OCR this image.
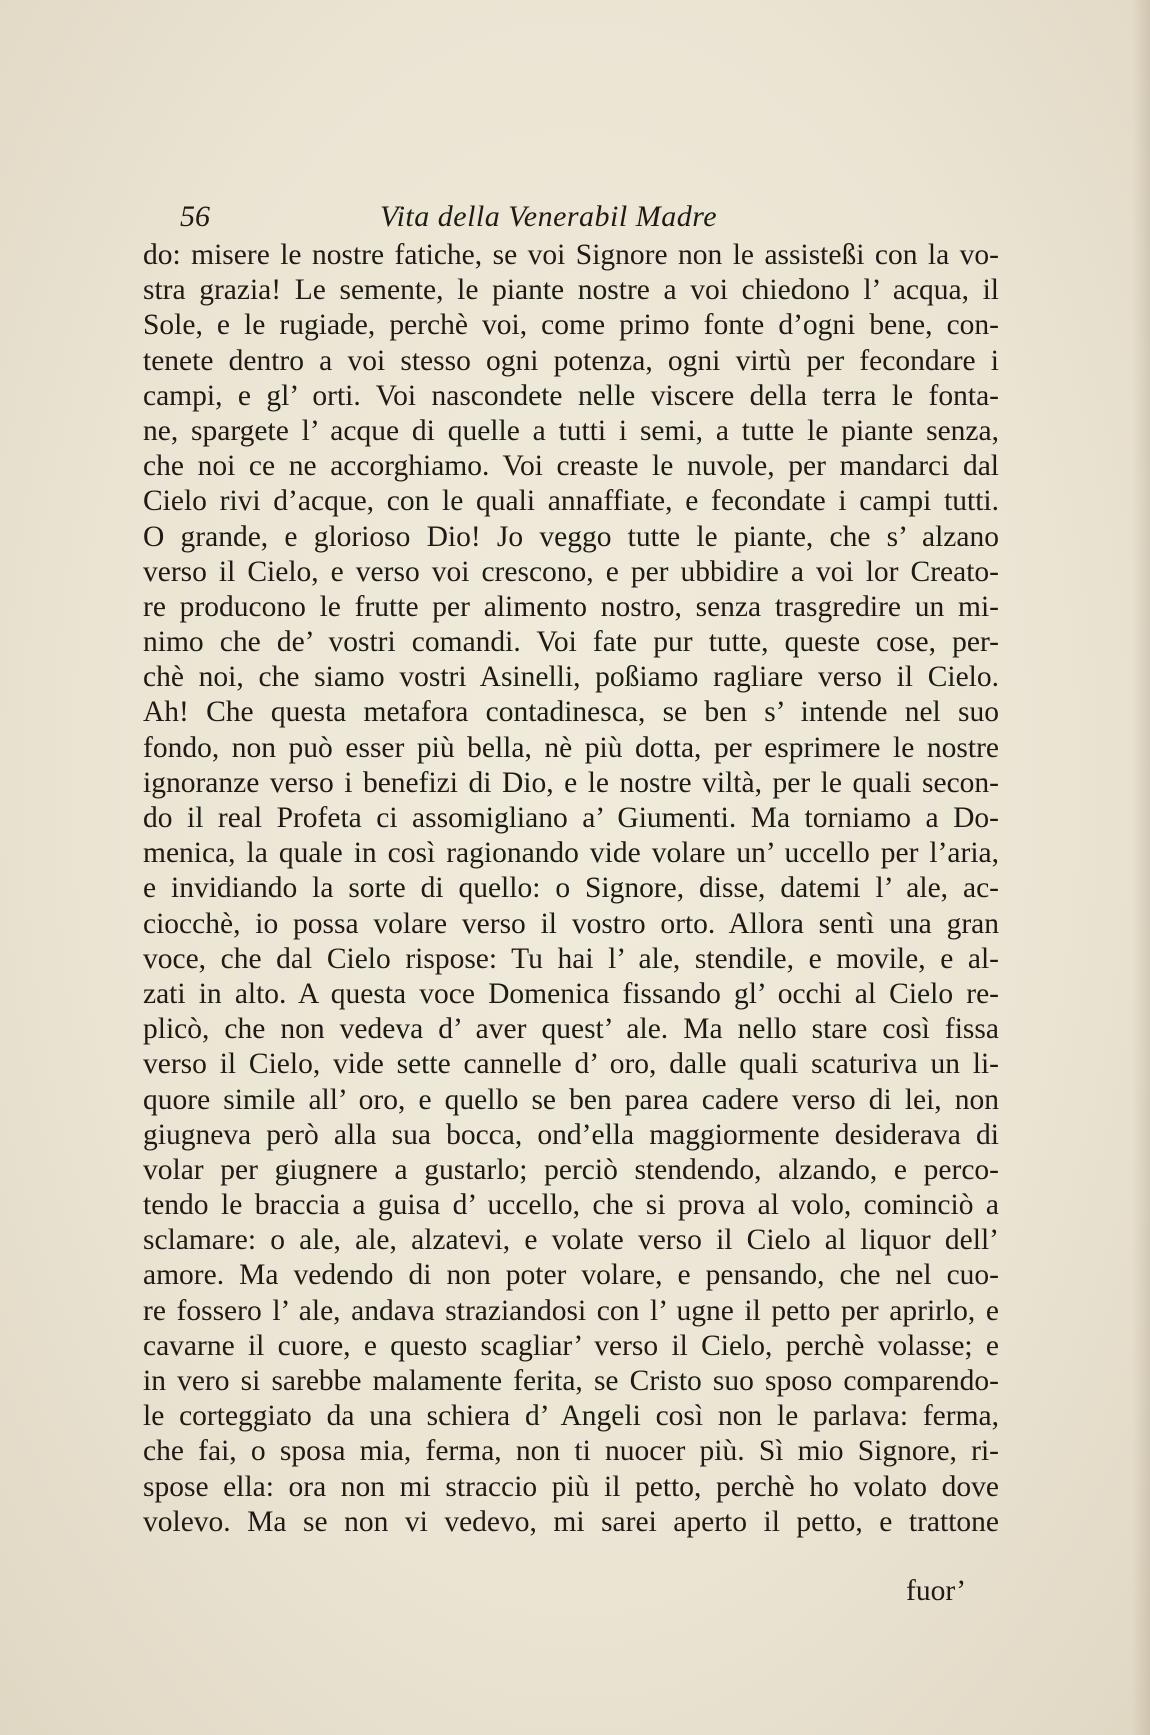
56	Vita della Venerabil Madre
do: misere le nostre fatiche, se voi Signore non le assisteßi con la vo-
stra grazia! Le semente, le piante nostre a voi chiedono l’ acqua, il
Sole, e le rugiade, perchè voi, come primo fonte d’ogni bene, con-
tenete dentro a voi stesso ogni potenza, ogni virtù per fecondare i
campi, e gl’ orti. Voi nascondete nelle viscere della terra le fonta-
ne, spargete l’ acque di quelle a tutti i semi, a tutte le piante senza,
che noi ce ne accorghiamo. Voi creaste le nuvole, per mandarci dal
Cielo rivi d’acque, con le quali annaffiate, e fecondate i campi tutti.
O grande, e glorioso Dio! Jo veggo tutte le piante, che s’ alzano
verso il Cielo, e verso voi crescono, e per ubbidire a voi lor Creato-
re producono le frutte per alimento nostro, senza trasgredire un mi-
nimo che de’ vostri comandi. Voi fate pur tutte, queste cose, per-
chè noi, che siamo vostri Asinelli, poßiamo ragliare verso il Cielo.
Ah! Che questa metafora contadinesca, se ben s’ intende nel suo
fondo, non può esser più bella, nè più dotta, per esprimere le nostre
ignoranze verso i benefizi di Dio, e le nostre viltà, per le quali secon-
do il real Profeta ci assomigliano a’ Giumenti. Ma torniamo a Do-
menica, la quale in così ragionando vide volare un’ uccello per l’aria,
e invidiando la sorte di quello: o Signore, disse, datemi l’ ale, ac-
ciocchè, io possa volare verso il vostro orto. Allora sentì una gran
voce, che dal Cielo rispose: Tu hai l’ ale, stendile, e movile, e al-
zati in alto. A questa voce Domenica fissando gl’ occhi al Cielo re-
plicò, che non vedeva d’ aver quest’ ale. Ma nello stare così fissa
verso il Cielo, vide sette cannelle d’ oro, dalle quali scaturiva un li-
quore simile all’ oro, e quello se ben parea cadere verso di lei, non
giugneva però alla sua bocca, ond’ella maggiormente desiderava di
volar per giugnere a gustarlo; perciò stendendo, alzando, e perco-
tendo le braccia a guisa d’ uccello, che si prova al volo, cominciò a
sclamare: o ale, ale, alzatevi, e volate verso il Cielo al liquor dell’
amore. Ma vedendo di non poter volare, e pensando, che nel cuo-
re fossero l’ ale, andava straziandosi con l’ ugne il petto per aprirlo, e
cavarne il cuore, e questo scagliar’ verso il Cielo, perchè volasse; e
in vero si sarebbe malamente ferita, se Cristo suo sposo comparendo-
le corteggiato da una schiera d’ Angeli così non le parlava: ferma,
che fai, o sposa mia, ferma, non ti nuocer più. Sì mio Signore, ri-
spose ella: ora non mi straccio più il petto, perchè ho volato dove
volevo. Ma se non vi vedevo, mi sarei aperto il petto, e trattone
fuor’
